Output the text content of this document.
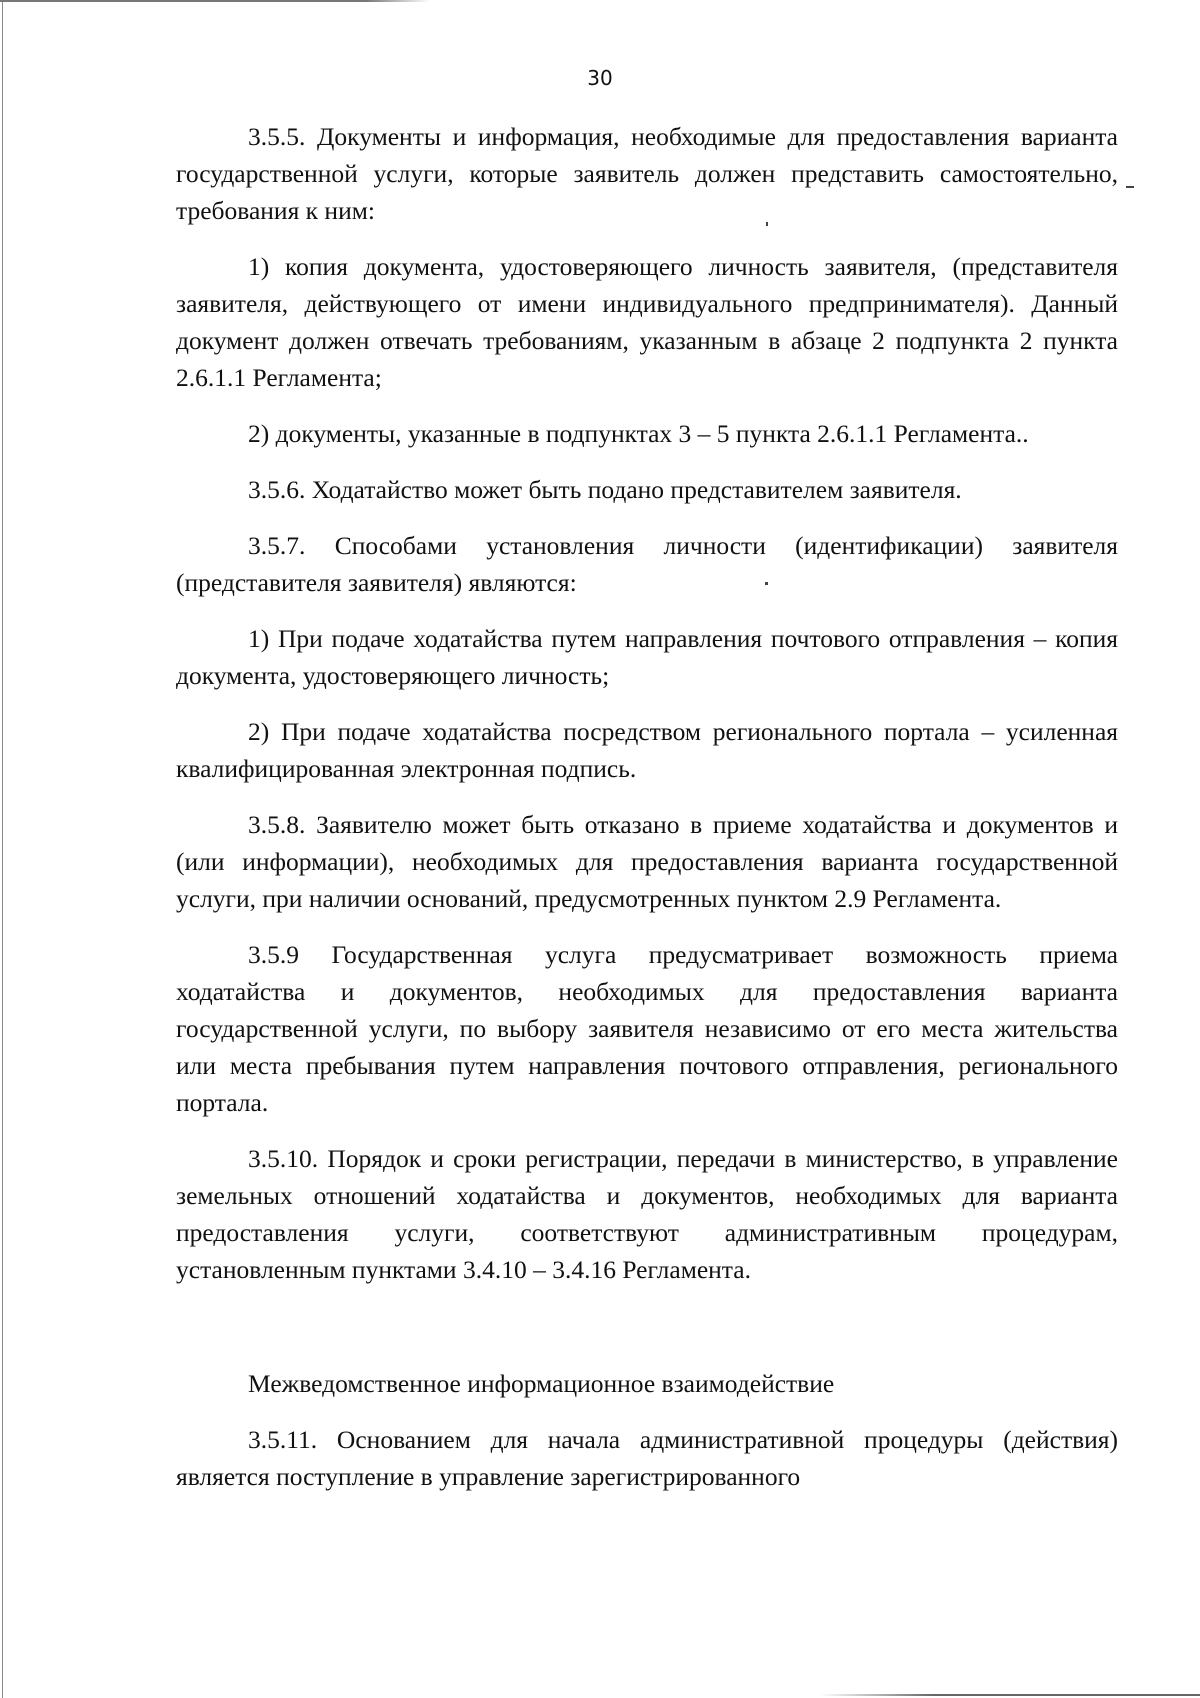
30

3.5.5. Документы и информация, необходимые для предоставления варианта государственной услуги, которые заявитель должен представить самостоятельно, требования к ним:

1) копия документа, удостоверяющего личность заявителя, (представителя заявителя, действующего от имени индивидуального предпринимателя). Данный документ должен отвечать требованиям, указанным в абзаце 2 подпункта 2 пункта 2.6.1.1 Регламента;

2) документы, указанные в подпунктах 3 – 5 пункта 2.6.1.1 Регламента..

3.5.6. Ходатайство может быть подано представителем заявителя.

3.5.7. Способами установления личности (идентификации) заявителя (представителя заявителя) являются:

1) При подаче ходатайства путем направления почтового отправления – копия документа, удостоверяющего личность;

2) При подаче ходатайства посредством регионального портала – усиленная квалифицированная электронная подпись.

3.5.8. Заявителю может быть отказано в приеме ходатайства и документов и (или информации), необходимых для предоставления варианта государственной услуги, при наличии оснований, предусмотренных пунктом 2.9 Регламента.

3.5.9 Государственная услуга предусматривает возможность приема ходатайства и документов, необходимых для предоставления варианта государственной услуги, по выбору заявителя независимо от его места жительства или места пребывания путем направления почтового отправления, регионального портала.

3.5.10. Порядок и сроки регистрации, передачи в министерство, в управление земельных отношений ходатайства и документов, необходимых для варианта предоставления услуги, соответствуют административным процедурам, установленным пунктами 3.4.10 – 3.4.16 Регламента.

Межведомственное информационное взаимодействие

3.5.11. Основанием для начала административной процедуры (действия) является поступление в управление зарегистрированного
